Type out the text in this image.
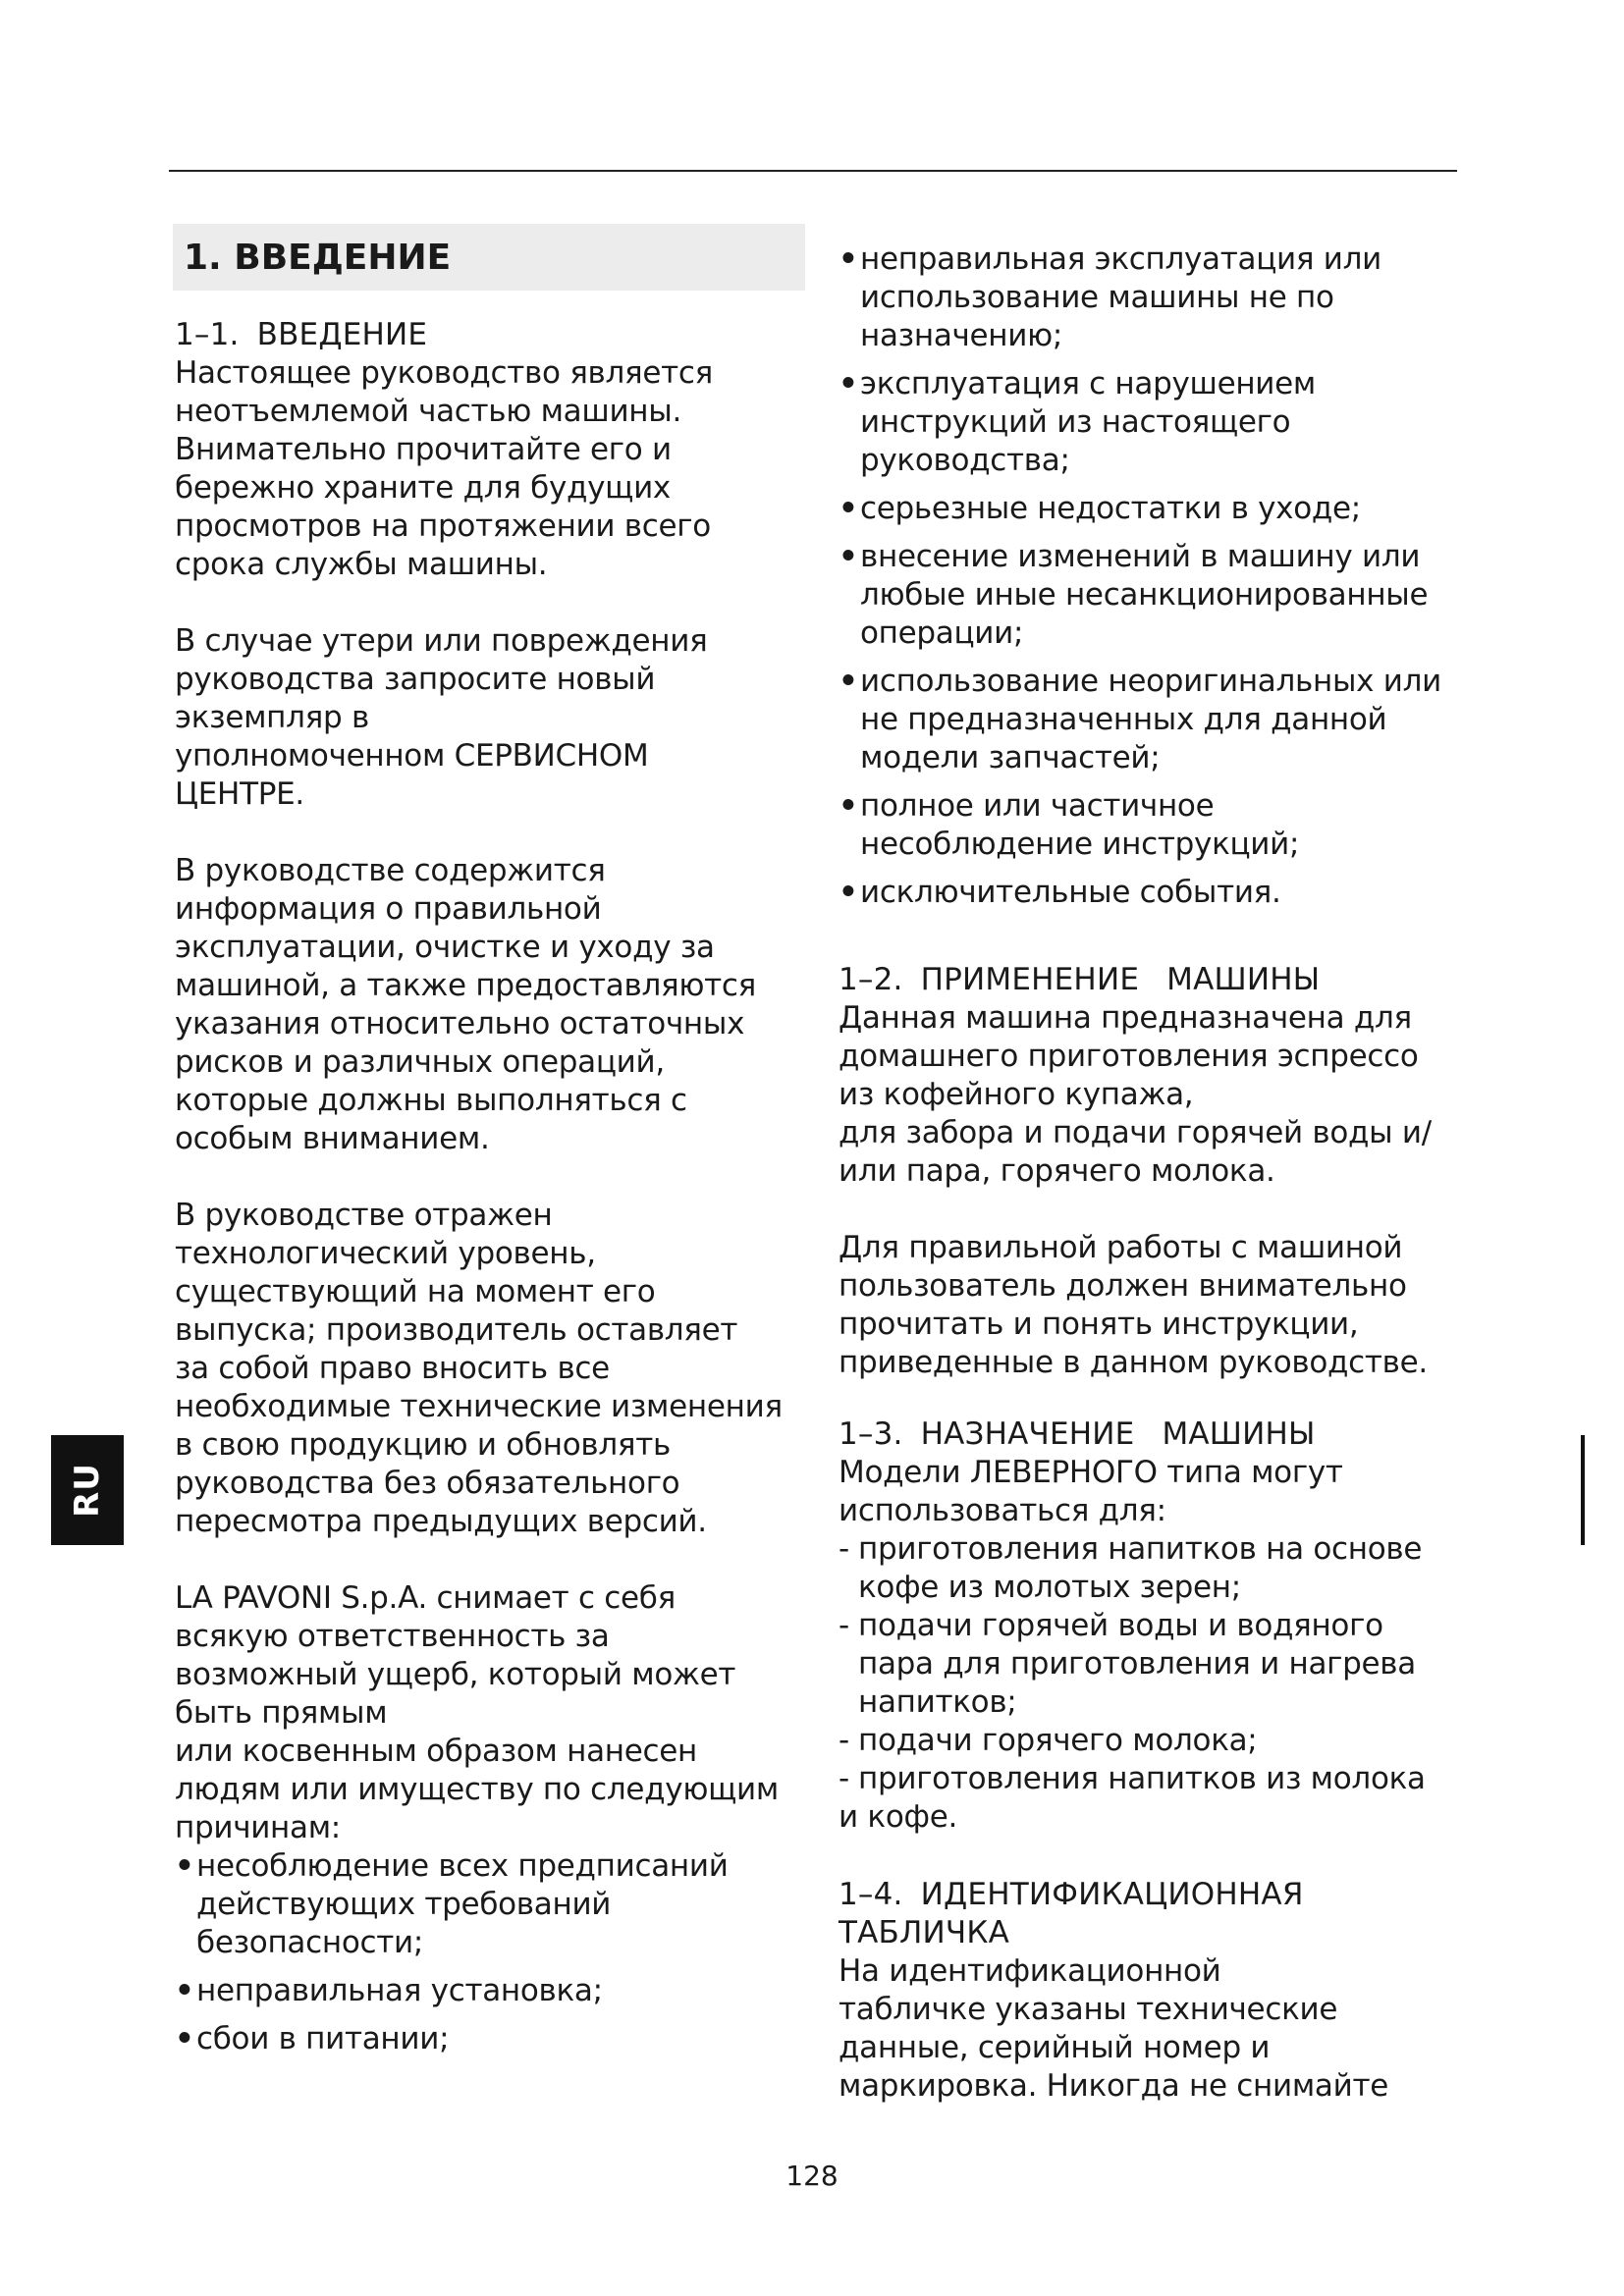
RU
1. ВВЕДЕНИЕ

1–1. ВВЕДЕНИЕ

Настоящее руководство является

неотъемлемой частью машины.

Внимательно прочитайте его и

бережно храните для будущих

просмотров на протяжении всего

срока службы машины.

В случае утери или повреждения

руководства запросите новый

экземпляр в

уполномоченном СЕРВИСНОМ

ЦЕНТРЕ.

В руководстве содержится

информация о правильной

эксплуатации, очистке и уходу за

машиной, а также предоставляются

указания относительно остаточных

рисков и различных операций,

которые должны выполняться с

особым вниманием.

В руководстве отражен

технологический уровень,

существующий на момент его

выпуска; производитель оставляет

за собой право вносить все

необходимые технические изменения

в свою продукцию и обновлять

руководства без обязательного

пересмотра предыдущих версий.

LA PAVONI S.p.A. снимает с себя

всякую ответственность за

возможный ущерб, который может

быть прямым

или косвенным образом нанесен

людям или имуществу по следующим

причинам:

• несоблюдение всех предписаний
действующих требований
безопасности;
• неправильная установка;
• сбои в питании;
• неправильная эксплуатация или
использование машины не по
назначению;
• эксплуатация с нарушением
инструкций из настоящего
руководства;
• серьезные недостатки в уходе;
• внесение изменений в машину или
любые иные несанкционированные
операции;
• использование неоригинальных или
не предназначенных для данной
модели запчастей;
• полное или частичное
несоблюдение инструкций;
• исключительные события.

1–2. ПРИМЕНЕНИЕ МАШИНЫ

Данная машина предназначена для

домашнего приготовления эспрессо

из кофейного купажа,

для забора и подачи горячей воды и/

или пара, горячего молока.

Для правильной работы с машиной

пользователь должен внимательно

прочитать и понять инструкции,

приведенные в данном руководстве.

1–3. НАЗНАЧЕНИЕ МАШИНЫ

Модели ЛЕВЕРНОГО типа могут

использоваться для:

- приготовления напитков на основе

кофе из молотых зерен;

- подачи горячей воды и водяного

пара для приготовления и нагрева

напитков;

- подачи горячего молока;

- приготовления напитков из молока

и кофе.

1–4. ИДЕНТИФИКАЦИОННАЯ

ТАБЛИЧКА

На идентификационной

табличке указаны технические

данные, серийный номер и

маркировка. Никогда не снимайте

128
